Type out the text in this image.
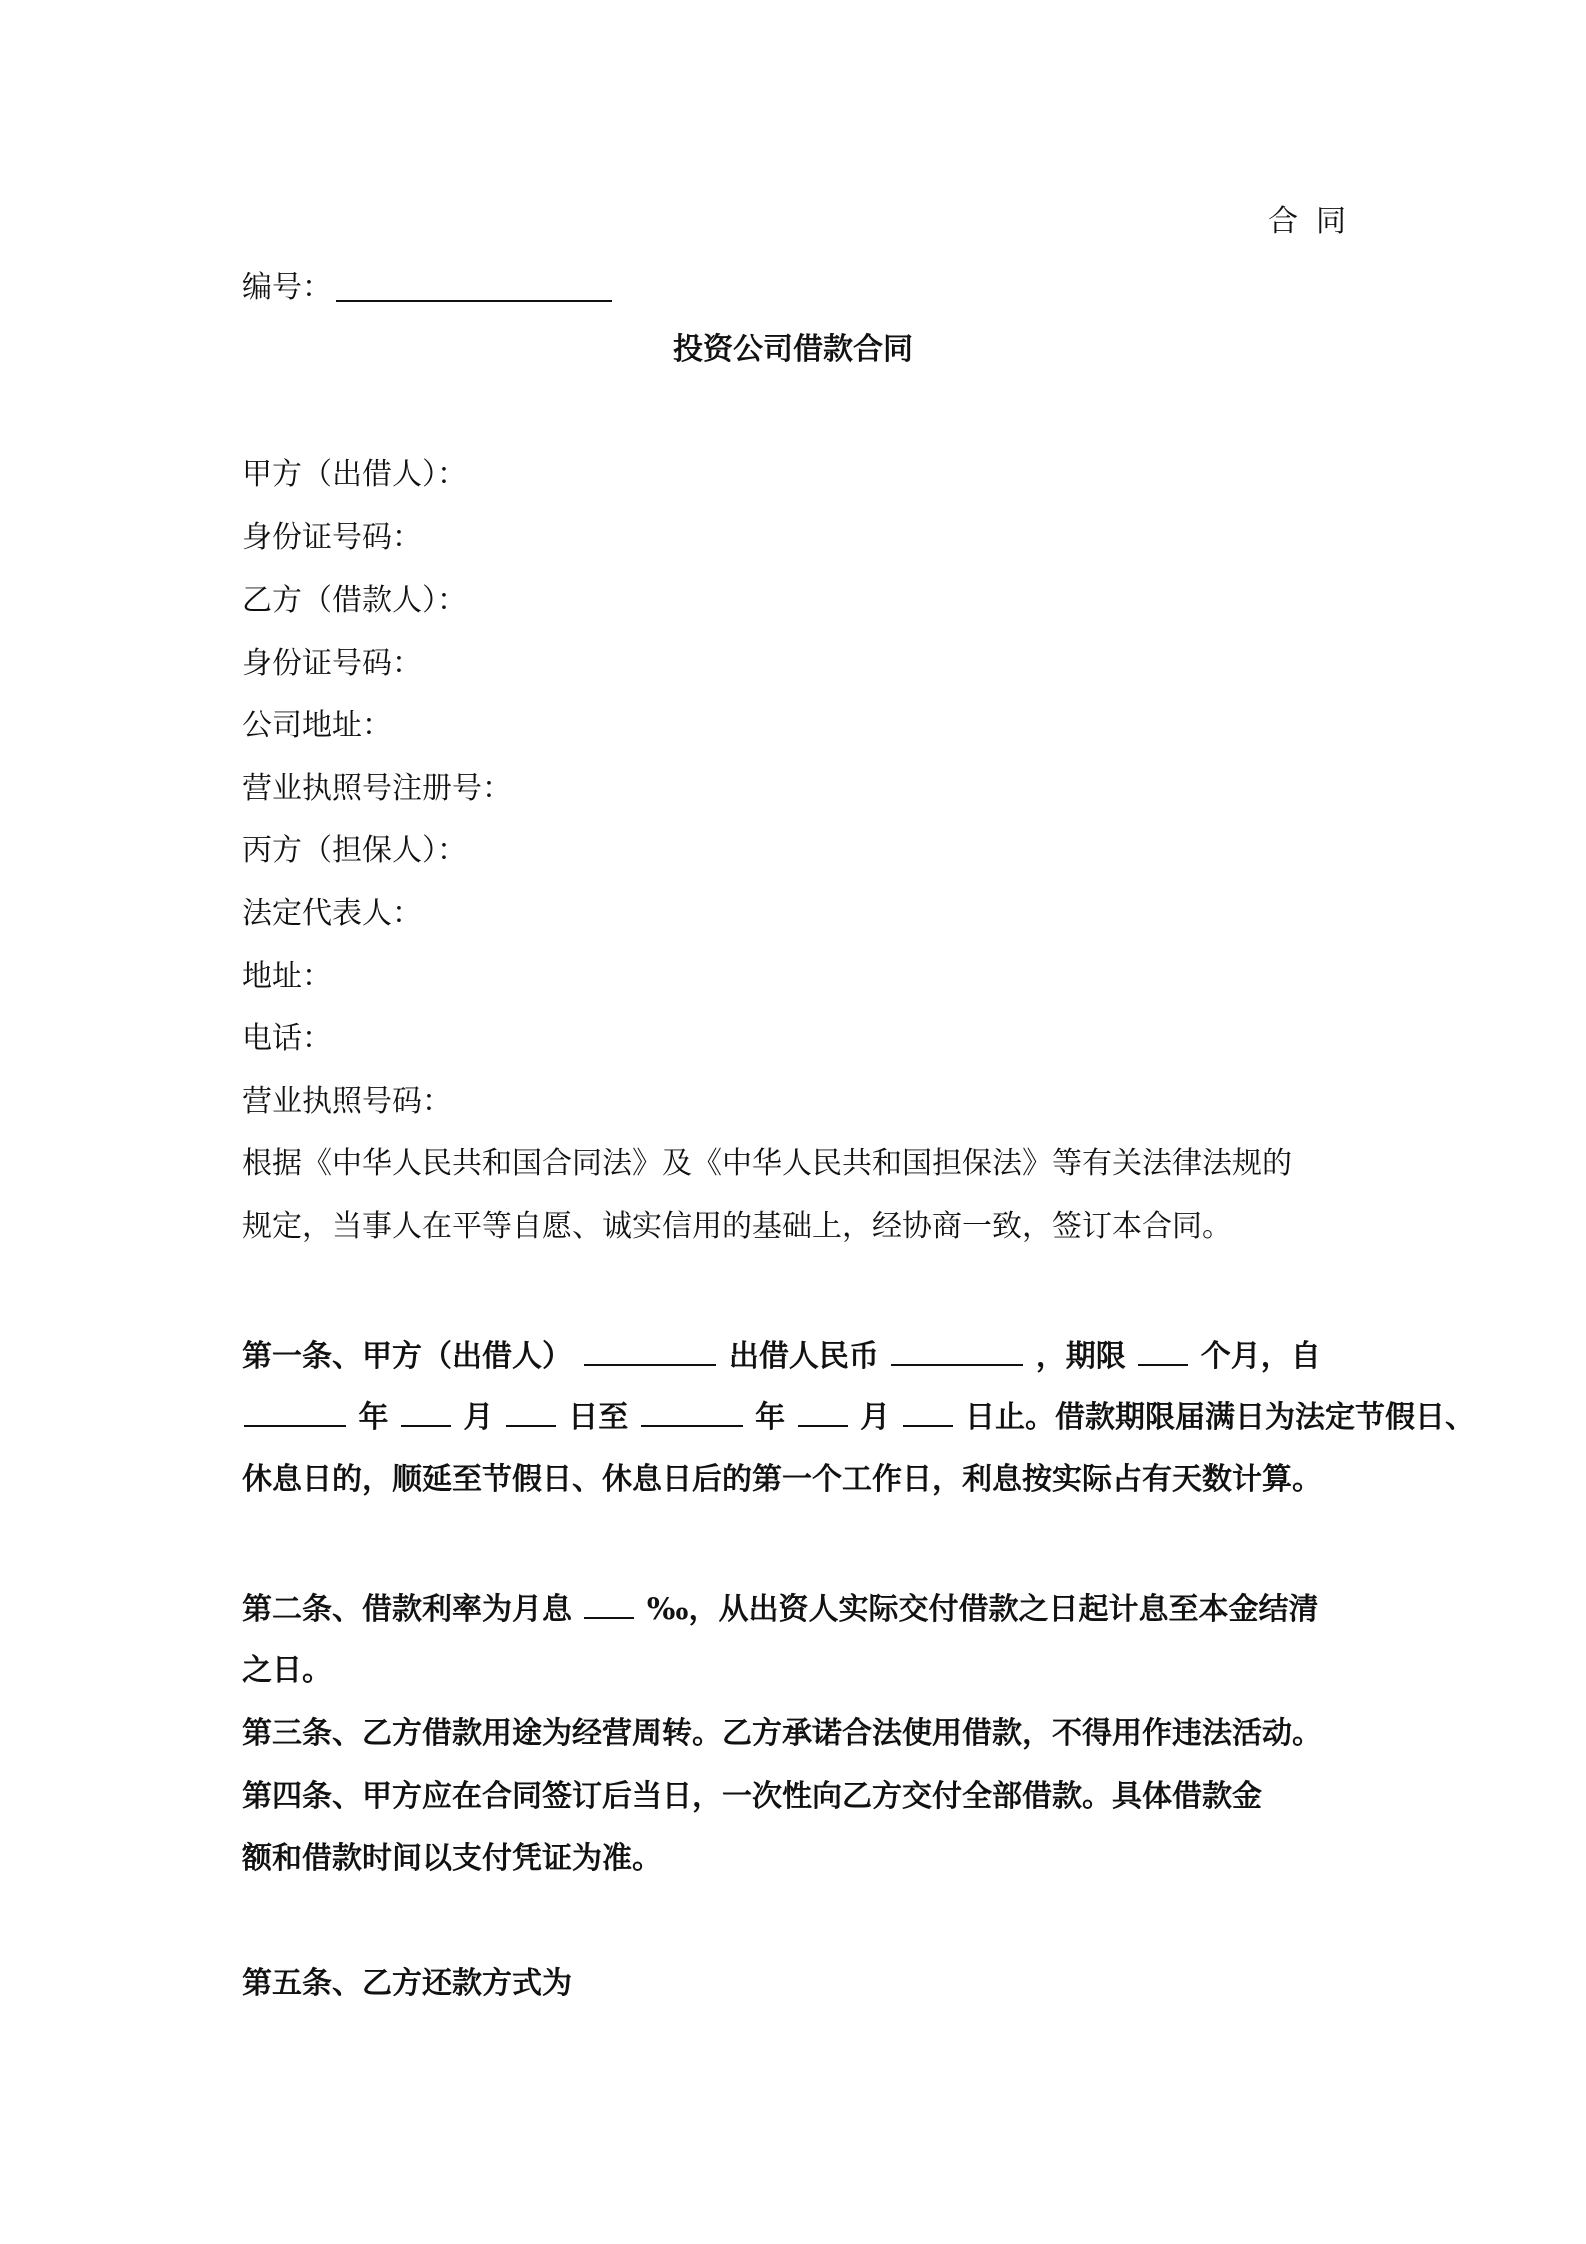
合同
编号：
投资公司借款合同
甲方（出借人）：
身份证号码：
乙方（借款人）：
身份证号码：
公司地址：
营业执照号注册号：
丙方（担保人）：
法定代表人：
地址：
电话：
营业执照号码：
根据《中华人民共和国合同法》及《中华人民共和国担保法》等有关法律法规的
规定，当事人在平等自愿、诚实信用的基础上，经协商一致，签订本合同。
第一条、甲方（出借人）	出借人民币	，期限 个月，自
年 月 日至	年 月 日止。借款期限届满日为法定节假日、
休息日的，顺延至节假日、休息日后的第一个工作日，利息按实际占有天数计算。
第二条、借款利率为月息 ‰，从出资人实际交付借款之日起计息至本金结清
之日。
第三条、乙方借款用途为经营周转。乙方承诺合法使用借款，不得用作违法活动。
第四条、甲方应在合同签订后当日，一次性向乙方交付全部借款。具体借款金
额和借款时间以支付凭证为准。
第五条、乙方还款方式为
